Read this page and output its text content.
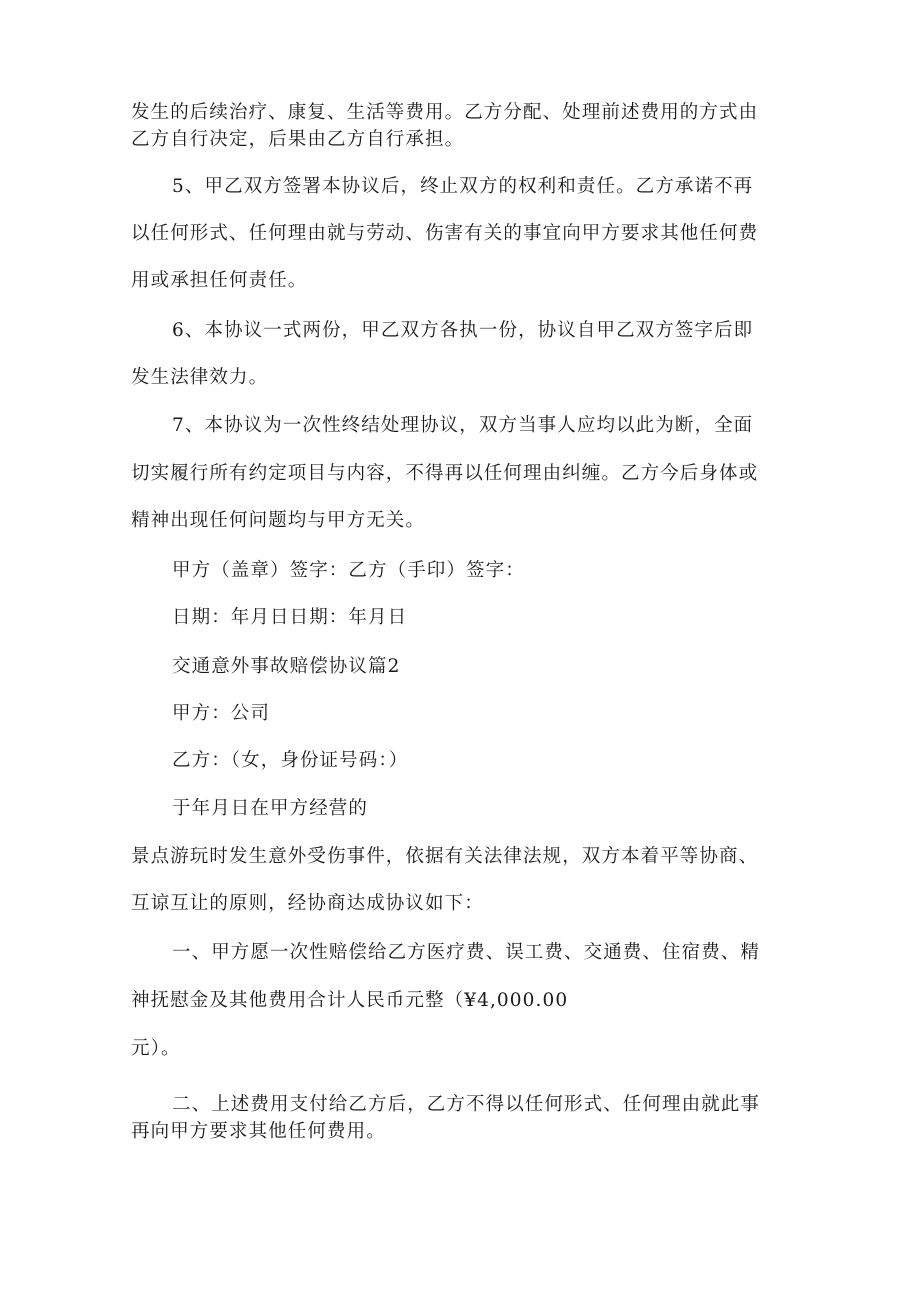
发生的后续治疗、康复、生活等费用。乙方分配、处理前述费用的方式由
乙方自行决定，后果由乙方自行承担。
5、甲乙双方签署本协议后，终止双方的权利和责任。乙方承诺不再
以任何形式、任何理由就与劳动、伤害有关的事宜向甲方要求其他任何费
用或承担任何责任。
6、本协议一式两份，甲乙双方各执一份，协议自甲乙双方签字后即
发生法律效力。
7、本协议为一次性终结处理协议，双方当事人应均以此为断，全面
切实履行所有约定项目与内容，不得再以任何理由纠缠。乙方今后身体或
精神出现任何问题均与甲方无关。
甲方（盖章）签字：乙方（手印）签字：
日期：年月日日期：年月日
交通意外事故赔偿协议篇2
甲方：公司
乙方：（女，身份证号码：）
于年月日在甲方经营的
景点游玩时发生意外受伤事件，依据有关法律法规，双方本着平等协商、
互谅互让的原则，经协商达成协议如下：
一、甲方愿一次性赔偿给乙方医疗费、误工费、交通费、住宿费、精
神抚慰金及其他费用合计人民币元整（¥4,000.00
元）。
二、上述费用支付给乙方后，乙方不得以任何形式、任何理由就此事
再向甲方要求其他任何费用。
